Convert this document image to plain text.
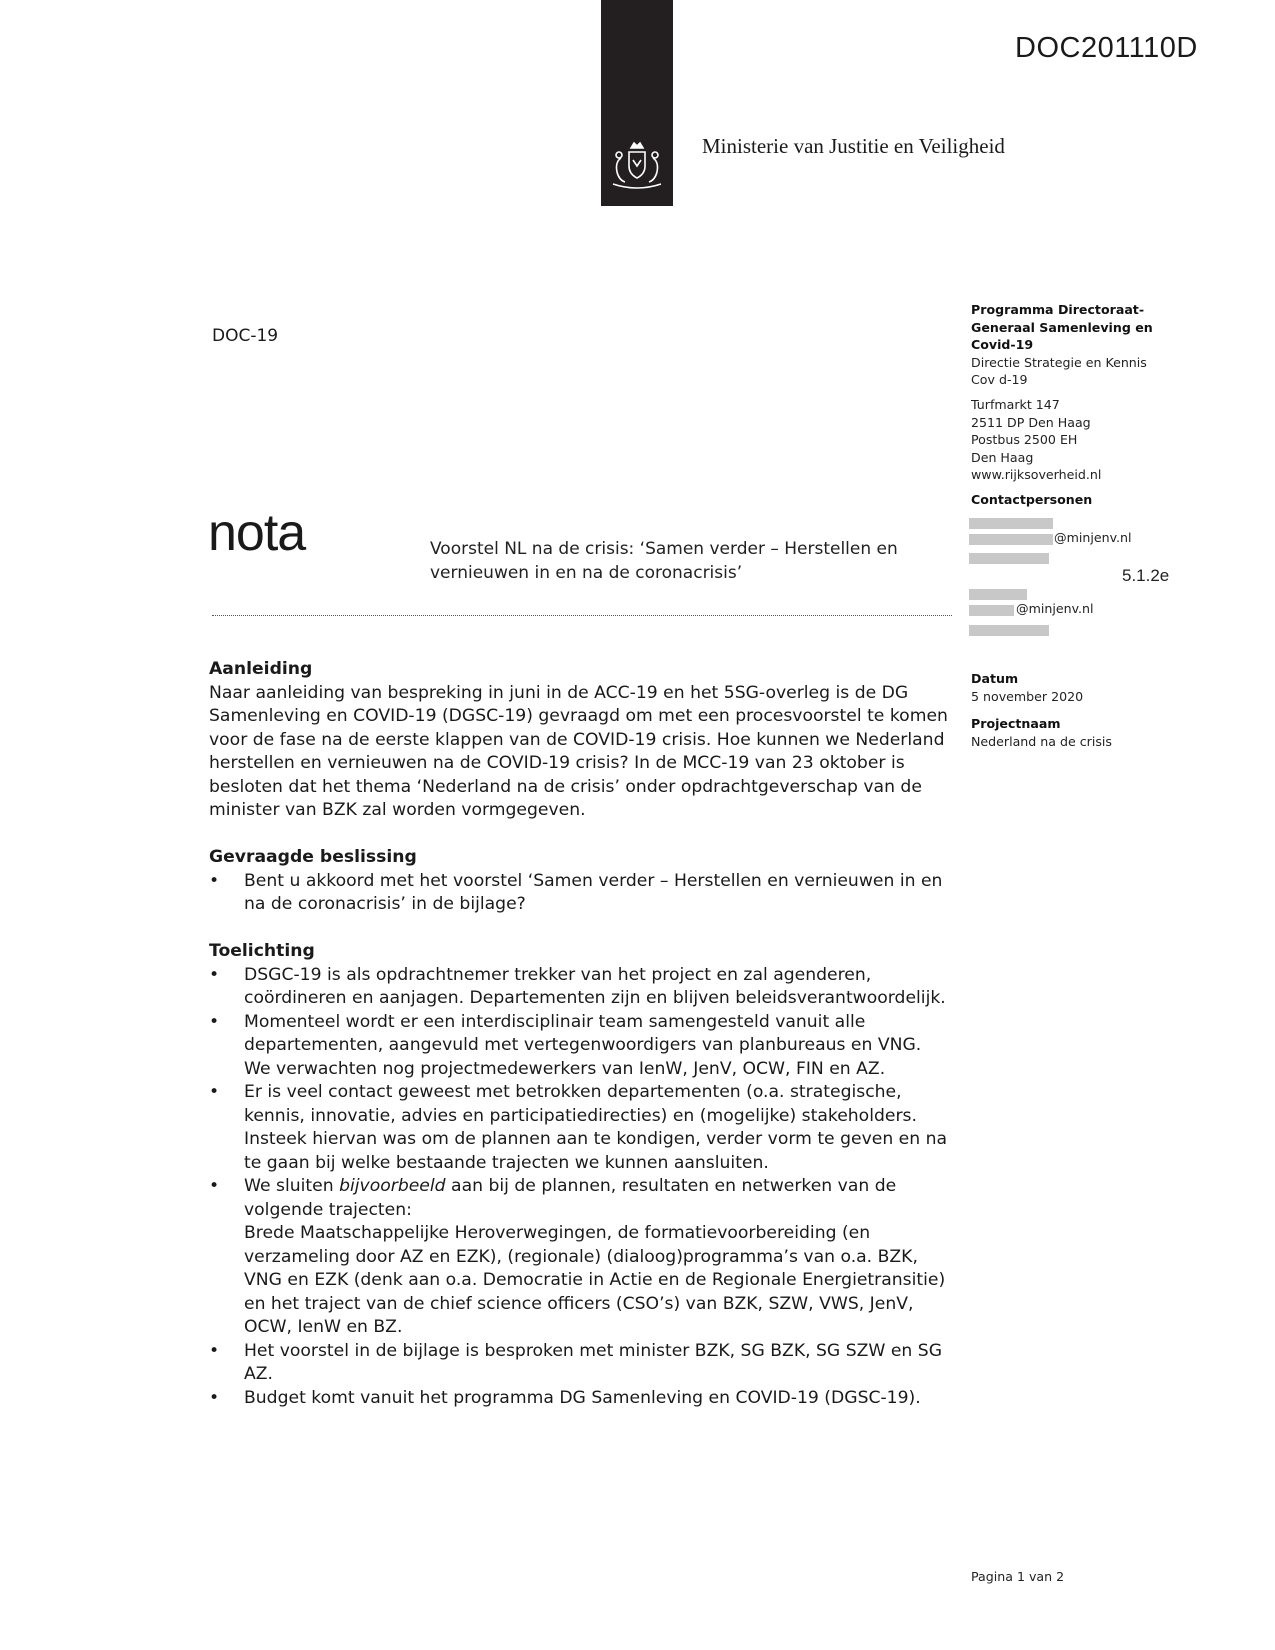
DOC201110D
Ministerie van Justitie en Veiligheid
DOC-19
nota	Voorstel NL na de crisis: ‘Samen verder – Herstellen en vernieuwen in en na de coronacrisis’
Programma Directoraat-
Generaal Samenleving en
Covid-19
Directie Strategie en Kennis
Cov d-19
Turfmarkt 147
2511 DP Den Haag
Postbus 2500 EH
Den Haag
www.rijksoverheid.nl
Contactpersonen
@minjenv.nl
5.1.2e
@minjenv.nl
Datum
5 november 2020
Projectnaam
Nederland na de crisis
Aanleiding

Naar aanleiding van bespreking in juni in de ACC-19 en het 5SG-overleg is de DG Samenleving en COVID-19 (DGSC-19) gevraagd om met een procesvoorstel te komen voor de fase na de eerste klappen van de COVID-19 crisis. Hoe kunnen we Nederland herstellen en vernieuwen na de COVID-19 crisis? In de MCC-19 van 23 oktober is besloten dat het thema ‘Nederland na de crisis’ onder opdrachtgeverschap van de minister van BZK zal worden vormgegeven.

Gevraagde beslissing
• Bent u akkoord met het voorstel ‘Samen verder – Herstellen en vernieuwen in en na de coronacrisis’ in de bijlage?
Toelichting
• DSGC-19 is als opdrachtnemer trekker van het project en zal agenderen, coördineren en aanjagen. Departementen zijn en blijven beleidsverantwoordelijk.
• Momenteel wordt er een interdisciplinair team samengesteld vanuit alle departementen, aangevuld met vertegenwoordigers van planbureaus en VNG. We verwachten nog projectmedewerkers van IenW, JenV, OCW, FIN en AZ.
• Er is veel contact geweest met betrokken departementen (o.a. strategische, kennis, innovatie, advies en participatiedirecties) en (mogelijke) stakeholders. Insteek hiervan was om de plannen aan te kondigen, verder vorm te geven en na te gaan bij welke bestaande trajecten we kunnen aansluiten.
• We sluiten bijvoorbeeld aan bij de plannen, resultaten en netwerken van de volgende trajecten:
Brede Maatschappelijke Heroverwegingen, de formatievoorbereiding (en verzameling door AZ en EZK), (regionale) (dialoog)programma’s van o.a. BZK, VNG en EZK (denk aan o.a. Democratie in Actie en de Regionale Energietransitie) en het traject van de chief science officers (CSO’s) van BZK, SZW, VWS, JenV, OCW, IenW en BZ.
• Het voorstel in de bijlage is besproken met minister BZK, SG BZK, SG SZW en SG AZ.
• Budget komt vanuit het programma DG Samenleving en COVID-19 (DGSC-19).
Pagina 1 van 2
